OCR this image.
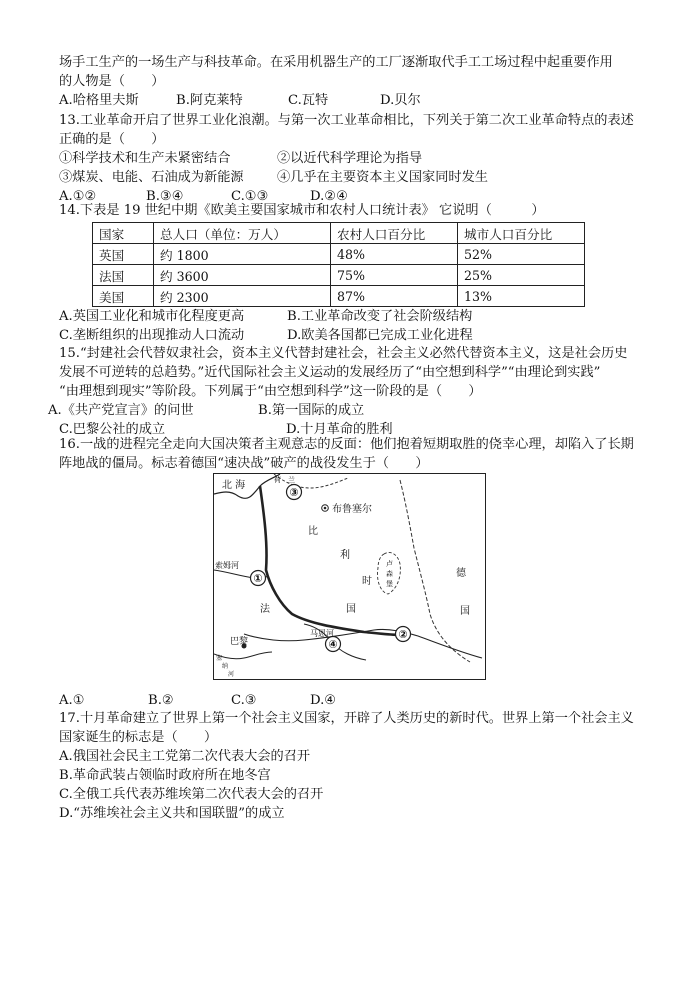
场手工生产的一场生产与科技革命。在采用机器生产的工厂逐渐取代手工工场过程中起重要作用
的人物是（　　）
A.哈格里夫斯	B.阿克莱特	C.瓦特	D.贝尔
13.工业革命开启了世界工业化浪潮。与第一次工业革命相比，下列关于第二次工业革命特点的表述
正确的是（　　）
①科学技术和生产未紧密结合	②以近代科学理论为指导
③煤炭、电能、石油成为新能源	④几乎在主要资本主义国家同时发生
A.①②	B.③④	C.①③	D.②④
14.下表是 19 世纪中期《欧美主要国家城市和农村人口统计表》 它说明（　　　）
国家	总人口（单位：万人）	农村人口百分比	城市人口百分比
英国	约 1800	48%	52%
法国	约 3600	75%	25%
美国	约 2300	87%	13%
A.英国工业化和城市化程度更高	B.工业革命改变了社会阶级结构
C.垄断组织的出现推动人口流动	D.欧美各国都已完成工业化进程
15.“封建社会代替奴隶社会，资本主义代替封建社会，社会主义必然代替资本主义，这是社会历史
发展不可逆转的总趋势。”近代国际社会主义运动的发展经历了“由空想到科学”“由理论到实践”
“由理想到现实”等阶段。下列属于“由空想到科学”这一阶段的是（　　）
A.《共产党宣言》的问世	B.第一国际的成立
C.巴黎公社的成立	D.十月革命的胜利
16.一战的进程完全走向大国决策者主观意志的反面：他们抱着短期取胜的侥幸心理，却陷入了长期
阵地战的僵局。标志着德国“速决战”破产的战役发生于（　　）
③
①
②
④
北 海	荷　兰
布鲁塞尔
比
利
时
卢
森
堡
德
国
法	国
索姆河
马恩河
巴黎
塞
纳
河
A.①	B.②	C.③	D.④
17.十月革命建立了世界上第一个社会主义国家，开辟了人类历史的新时代。世界上第一个社会主义
国家诞生的标志是（　　）
A.俄国社会民主工党第二次代表大会的召开
B.革命武装占领临时政府所在地冬宫
C.全俄工兵代表苏维埃第二次代表大会的召开
D.“苏维埃社会主义共和国联盟”的成立
